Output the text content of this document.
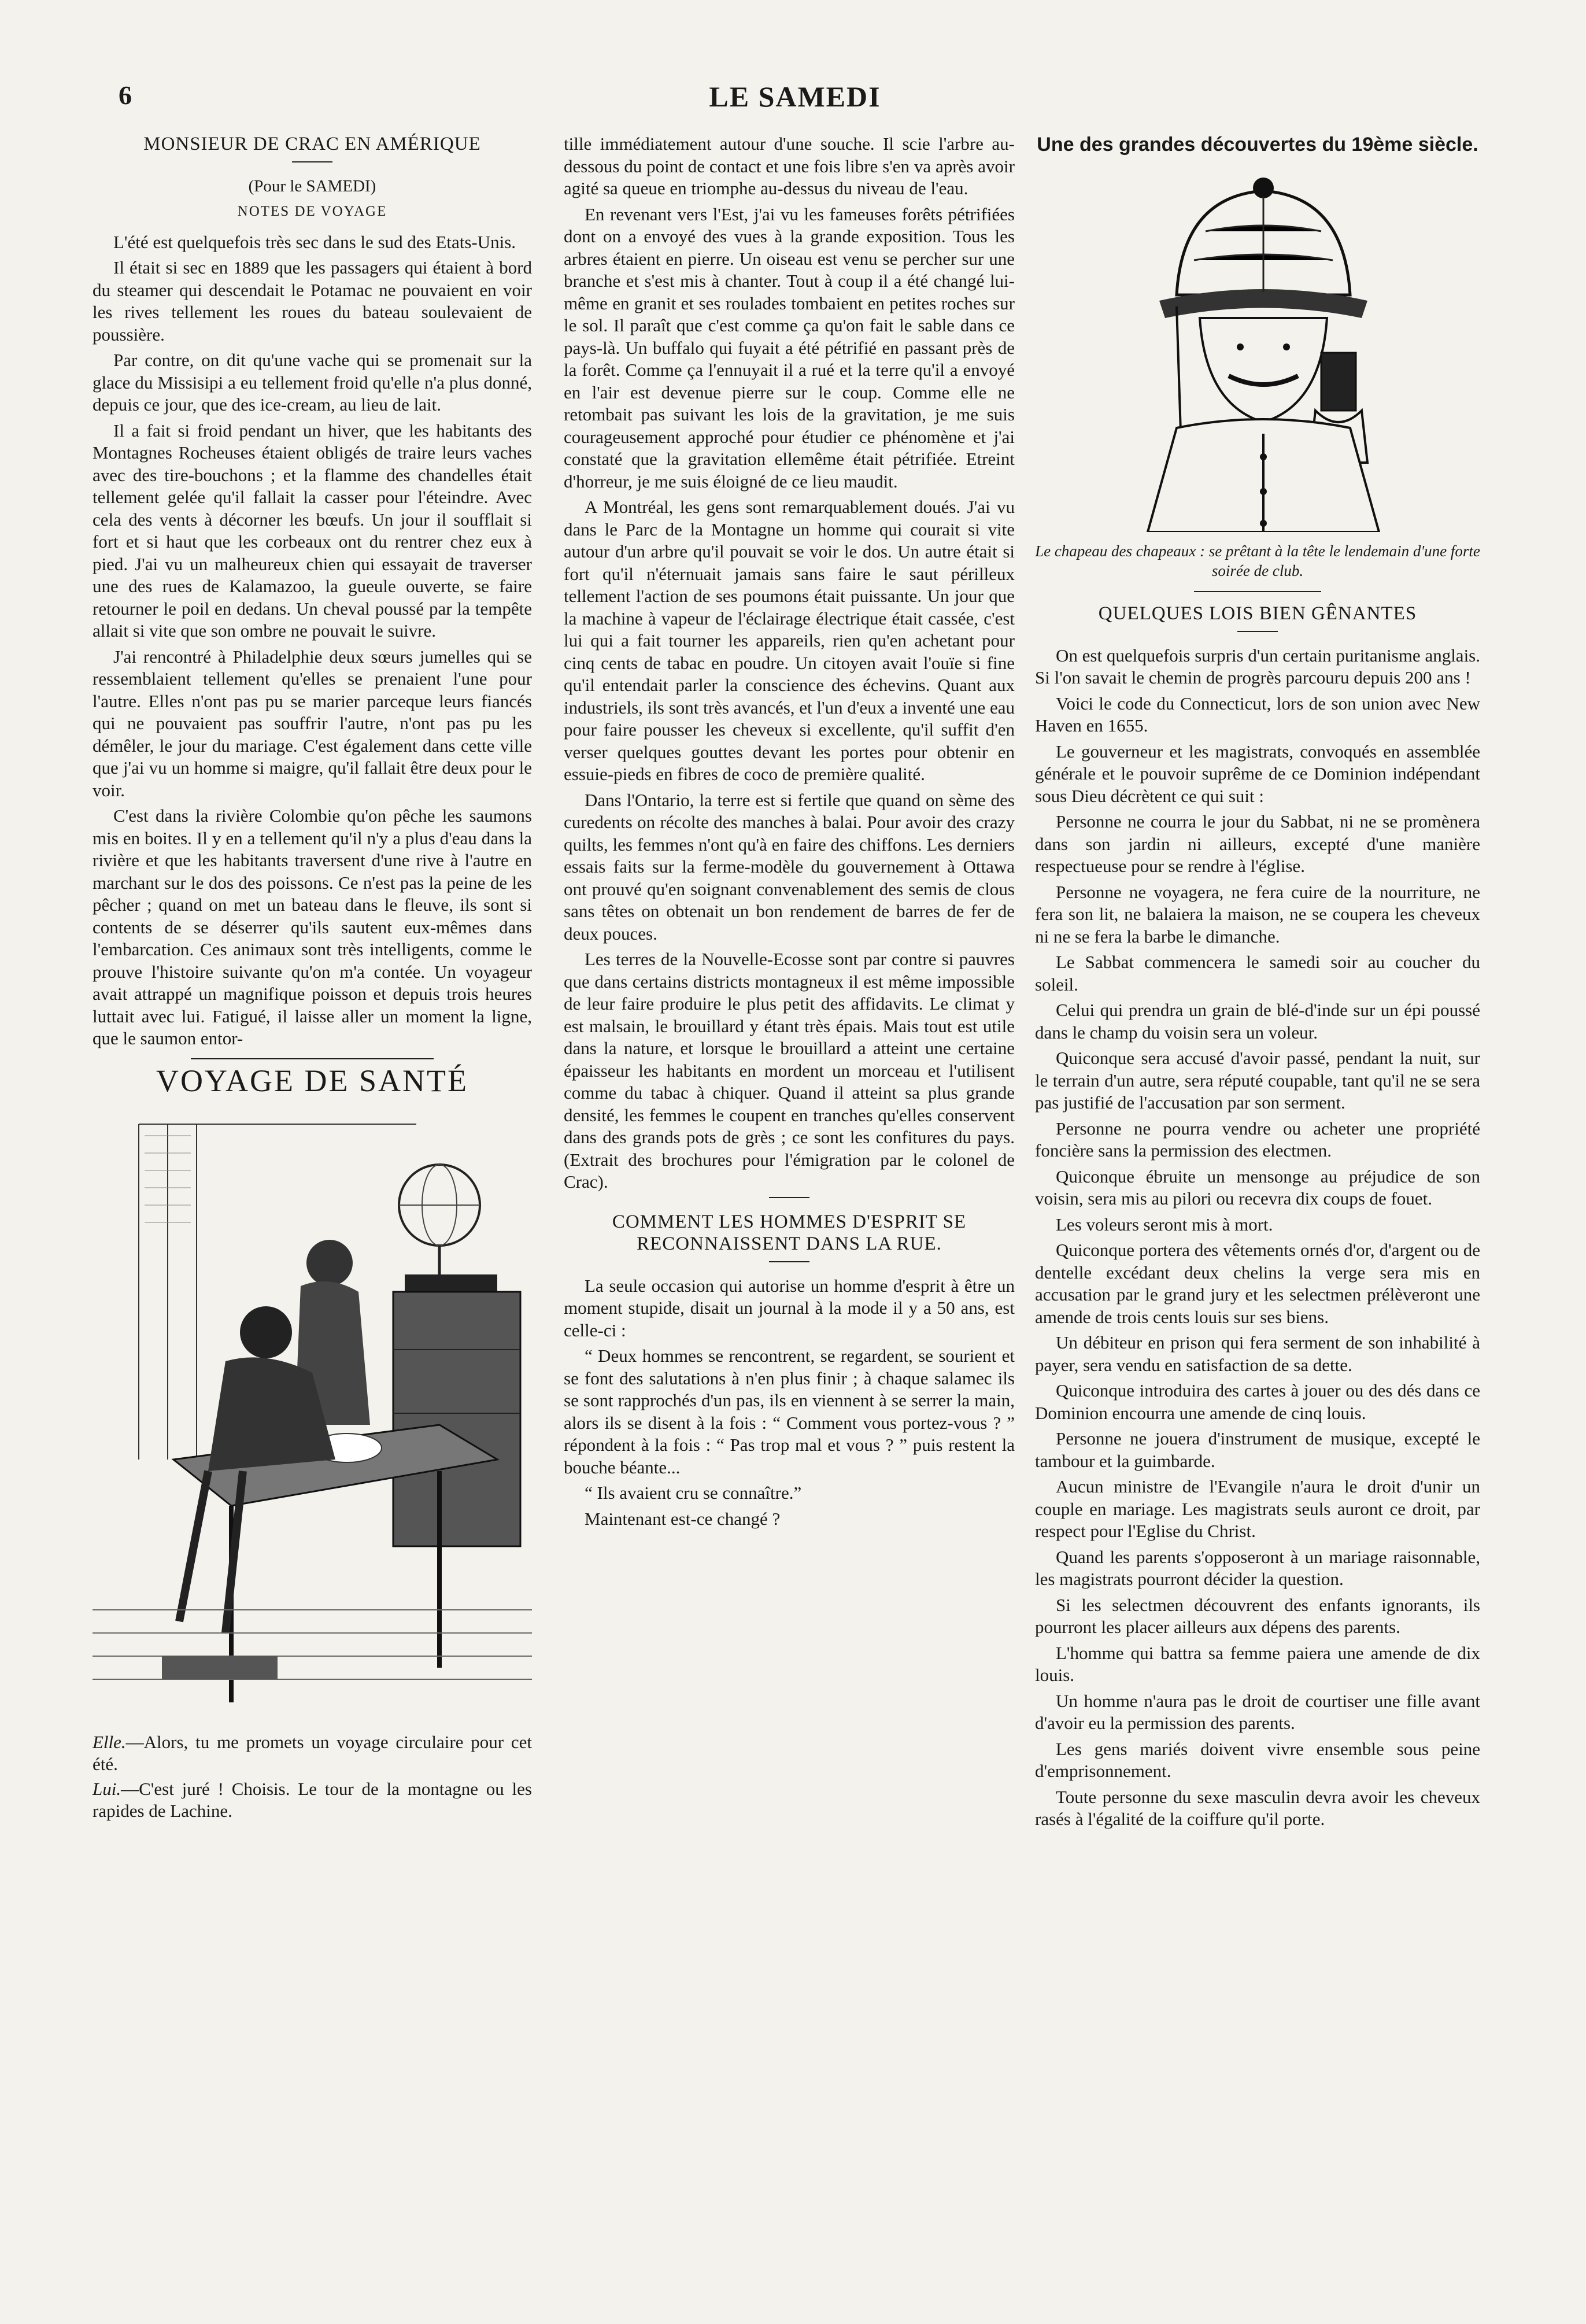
6	LE SAMEDI
MONSIEUR DE CRAC EN AMÉRIQUE
(Pour le SAMEDI)
NOTES DE VOYAGE

L'été est quelquefois très sec dans le sud des Etats-Unis.

Il était si sec en 1889 que les passagers qui étaient à bord du steamer qui descendait le Potamac ne pouvaient en voir les rives tellement les roues du bateau soulevaient de poussière.

Par contre, on dit qu'une vache qui se promenait sur la glace du Missisipi a eu tellement froid qu'elle n'a plus donné, depuis ce jour, que des ice-cream, au lieu de lait.

Il a fait si froid pendant un hiver, que les habitants des Montagnes Rocheuses étaient obligés de traire leurs vaches avec des tire-bouchons ; et la flamme des chandelles était tellement gelée qu'il fallait la casser pour l'éteindre. Avec cela des vents à décorner les bœufs. Un jour il soufflait si fort et si haut que les corbeaux ont du rentrer chez eux à pied. J'ai vu un malheureux chien qui essayait de traverser une des rues de Kalamazoo, la gueule ouverte, se faire retourner le poil en dedans. Un cheval poussé par la tempête allait si vite que son ombre ne pouvait le suivre.

J'ai rencontré à Philadelphie deux sœurs jumelles qui se ressemblaient tellement qu'elles se prenaient l'une pour l'autre. Elles n'ont pas pu se marier parceque leurs fiancés qui ne pouvaient pas souffrir l'autre, n'ont pas pu les démêler, le jour du mariage. C'est également dans cette ville que j'ai vu un homme si maigre, qu'il fallait être deux pour le voir.

C'est dans la rivière Colombie qu'on pêche les saumons mis en boites. Il y en a tellement qu'il n'y a plus d'eau dans la rivière et que les habitants traversent d'une rive à l'autre en marchant sur le dos des poissons. Ce n'est pas la peine de les pêcher ; quand on met un bateau dans le fleuve, ils sont si contents de se déserrer qu'ils sautent eux-mêmes dans l'embarcation. Ces animaux sont très intelligents, comme le prouve l'histoire suivante qu'on m'a contée. Un voyageur avait attrappé un magnifique poisson et depuis trois heures luttait avec lui. Fatigué, il laisse aller un moment la ligne, que le saumon entor-

VOYAGE DE SANTÉ

Elle.—Alors, tu me promets un voyage circulaire pour cet été.

Lui.—C'est juré ! Choisis. Le tour de la montagne ou les rapides de Lachine.

tille immédiatement autour d'une souche. Il scie l'arbre au-dessous du point de contact et une fois libre s'en va après avoir agité sa queue en triomphe au-dessus du niveau de l'eau.

En revenant vers l'Est, j'ai vu les fameuses forêts pétrifiées dont on a envoyé des vues à la grande exposition. Tous les arbres étaient en pierre. Un oiseau est venu se percher sur une branche et s'est mis à chanter. Tout à coup il a été changé lui-même en granit et ses roulades tombaient en petites roches sur le sol. Il paraît que c'est comme ça qu'on fait le sable dans ce pays-là. Un buffalo qui fuyait a été pétrifié en passant près de la forêt. Comme ça l'ennuyait il a rué et la terre qu'il a envoyé en l'air est devenue pierre sur le coup. Comme elle ne retombait pas suivant les lois de la gravitation, je me suis courageusement approché pour étudier ce phénomène et j'ai constaté que la gravitation ellemême était pétrifiée. Etreint d'horreur, je me suis éloigné de ce lieu maudit.

A Montréal, les gens sont remarquablement doués. J'ai vu dans le Parc de la Montagne un homme qui courait si vite autour d'un arbre qu'il pouvait se voir le dos. Un autre était si fort qu'il n'éternuait jamais sans faire le saut périlleux tellement l'action de ses poumons était puissante. Un jour que la machine à vapeur de l'éclairage électrique était cassée, c'est lui qui a fait tourner les appareils, rien qu'en achetant pour cinq cents de tabac en poudre. Un citoyen avait l'ouïe si fine qu'il entendait parler la conscience des échevins. Quant aux industriels, ils sont très avancés, et l'un d'eux a inventé une eau pour faire pousser les cheveux si excellente, qu'il suffit d'en verser quelques gouttes devant les portes pour obtenir en essuie-pieds en fibres de coco de première qualité.

Dans l'Ontario, la terre est si fertile que quand on sème des curedents on récolte des manches à balai. Pour avoir des crazy quilts, les femmes n'ont qu'à en faire des chiffons. Les derniers essais faits sur la ferme-modèle du gouvernement à Ottawa ont prouvé qu'en soignant convenablement des semis de clous sans têtes on obtenait un bon rendement de barres de fer de deux pouces.

Les terres de la Nouvelle-Ecosse sont par contre si pauvres que dans certains districts montagneux il est même impossible de leur faire produire le plus petit des affidavits. Le climat y est malsain, le brouillard y étant très épais. Mais tout est utile dans la nature, et lorsque le brouillard a atteint une certaine épaisseur les habitants en mordent un morceau et l'utilisent comme du tabac à chiquer. Quand il atteint sa plus grande densité, les femmes le coupent en tranches qu'elles conservent dans des grands pots de grès ; ce sont les confitures du pays. (Extrait des brochures pour l'émigration par le colonel de Crac).

COMMENT LES HOMMES D'ESPRIT SE RECONNAISSENT DANS LA RUE.

La seule occasion qui autorise un homme d'esprit à être un moment stupide, disait un journal à la mode il y a 50 ans, est celle-ci :

“ Deux hommes se rencontrent, se regardent, se sourient et se font des salutations à n'en plus finir ; à chaque salamec ils se sont rapprochés d'un pas, ils en viennent à se serrer la main, alors ils se disent à la fois : “ Comment vous portez-vous ? ” répondent à la fois : “ Pas trop mal et vous ? ” puis restent la bouche béante...

“ Ils avaient cru se connaître.”

Maintenant est-ce changé ?

Une des grandes découvertes du 19ème siècle.
Le chapeau des chapeaux : se prêtant à la tête le lendemain d'une forte soirée de club.
QUELQUES LOIS BIEN GÊNANTES

On est quelquefois surpris d'un certain puritanisme anglais. Si l'on savait le chemin de progrès parcouru depuis 200 ans !

Voici le code du Connecticut, lors de son union avec New Haven en 1655.

Le gouverneur et les magistrats, convoqués en assemblée générale et le pouvoir suprême de ce Dominion indépendant sous Dieu décrètent ce qui suit :

Personne ne courra le jour du Sabbat, ni ne se promènera dans son jardin ni ailleurs, excepté d'une manière respectueuse pour se rendre à l'église.

Personne ne voyagera, ne fera cuire de la nourriture, ne fera son lit, ne balaiera la maison, ne se coupera les cheveux ni ne se fera la barbe le dimanche.

Le Sabbat commencera le samedi soir au coucher du soleil.

Celui qui prendra un grain de blé-d'inde sur un épi poussé dans le champ du voisin sera un voleur.

Quiconque sera accusé d'avoir passé, pendant la nuit, sur le terrain d'un autre, sera réputé coupable, tant qu'il ne se sera pas justifié de l'accusation par son serment.

Personne ne pourra vendre ou acheter une propriété foncière sans la permission des electmen.

Quiconque ébruite un mensonge au préjudice de son voisin, sera mis au pilori ou recevra dix coups de fouet.

Les voleurs seront mis à mort.

Quiconque portera des vêtements ornés d'or, d'argent ou de dentelle excédant deux chelins la verge sera mis en accusation par le grand jury et les selectmen prélèveront une amende de trois cents louis sur ses biens.

Un débiteur en prison qui fera serment de son inhabilité à payer, sera vendu en satisfaction de sa dette.

Quiconque introduira des cartes à jouer ou des dés dans ce Dominion encourra une amende de cinq louis.

Personne ne jouera d'instrument de musique, excepté le tambour et la guimbarde.

Aucun ministre de l'Evangile n'aura le droit d'unir un couple en mariage. Les magistrats seuls auront ce droit, par respect pour l'Eglise du Christ.

Quand les parents s'opposeront à un mariage raisonnable, les magistrats pourront décider la question.

Si les selectmen découvrent des enfants ignorants, ils pourront les placer ailleurs aux dépens des parents.

L'homme qui battra sa femme paiera une amende de dix louis.

Un homme n'aura pas le droit de courtiser une fille avant d'avoir eu la permission des parents.

Les gens mariés doivent vivre ensemble sous peine d'emprisonnement.

Toute personne du sexe masculin devra avoir les cheveux rasés à l'égalité de la coiffure qu'il porte.
